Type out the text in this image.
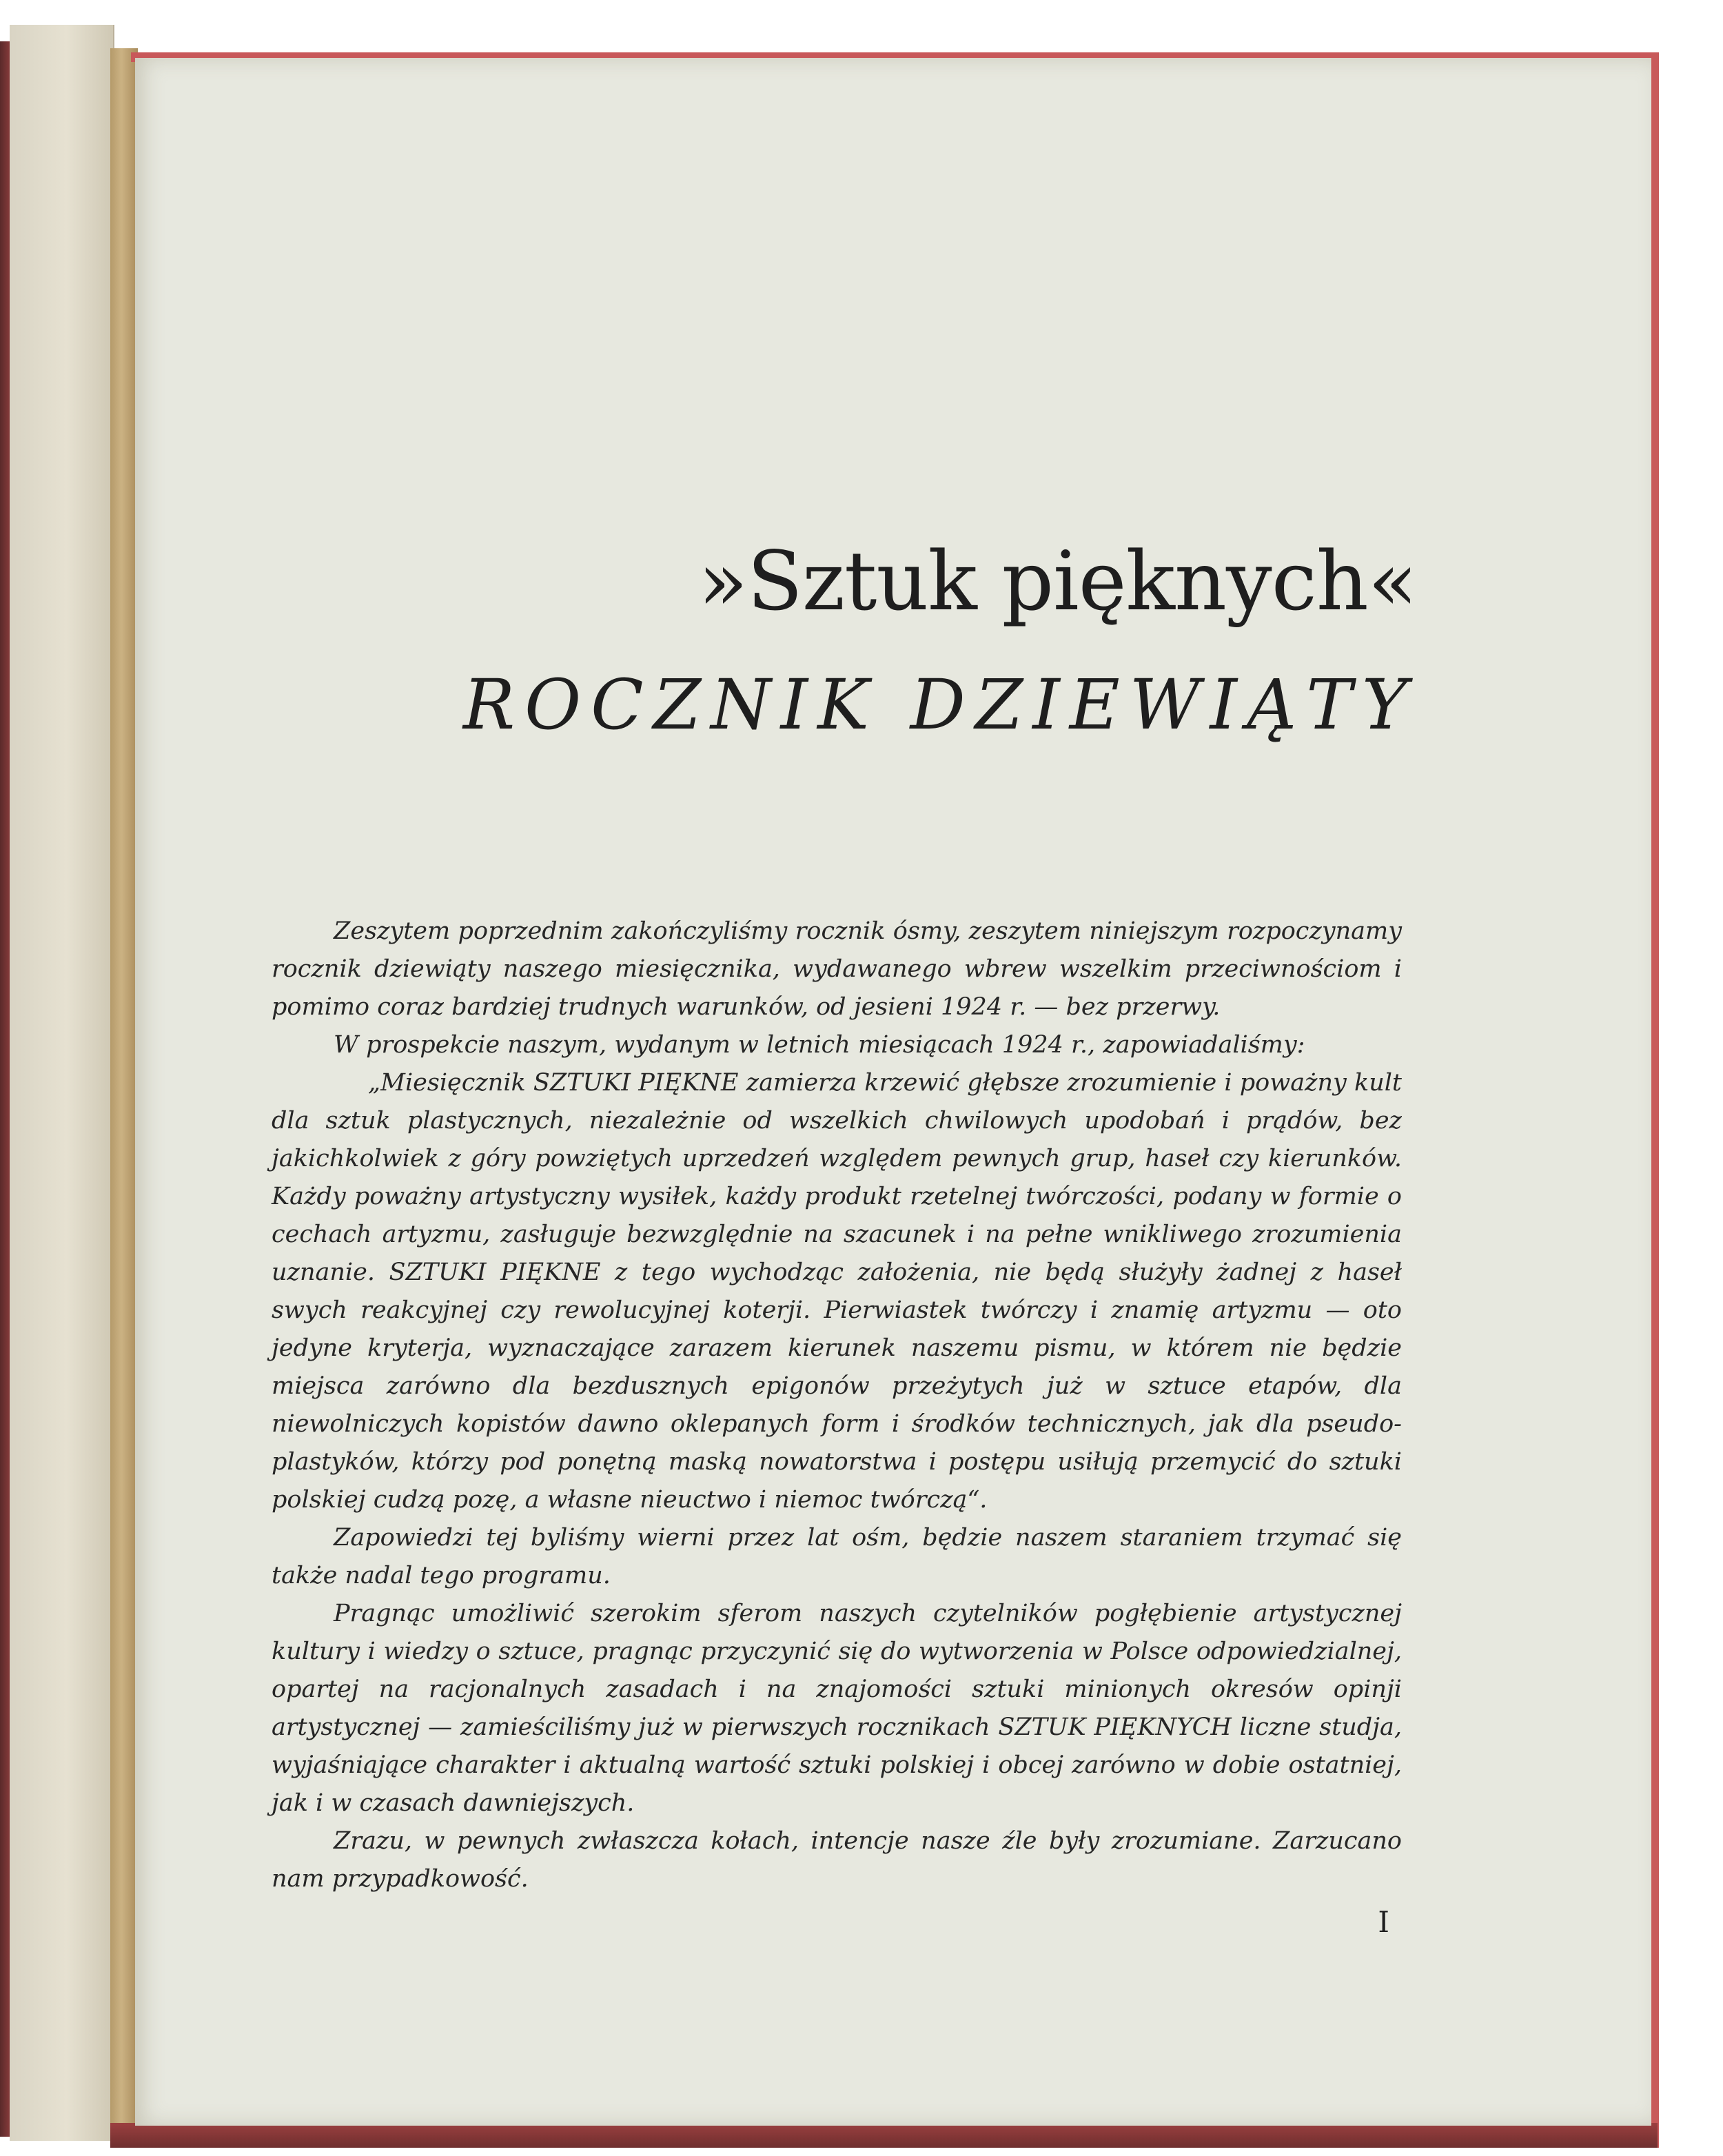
»Sztuk pięknych«
ROCZNIK DZIEWIĄTY

Zeszytem poprzednim zakończyliśmy rocznik ósmy, zeszytem niniejszym rozpoczynamy rocznik dziewiąty naszego miesięcznika, wydawanego wbrew wszelkim przeciwnościom i pomimo coraz bardziej trudnych warunków, od jesieni 1924 r. — bez przerwy.

W prospekcie naszym, wydanym w letnich miesiącach 1924 r., zapowiadaliśmy:

„Miesięcznik SZTUKI PIĘKNE zamierza krzewić głębsze zrozumienie i poważny kult dla sztuk plastycznych, niezależnie od wszelkich chwilowych upodobań i prądów, bez jakichkolwiek z góry powziętych uprzedzeń względem pewnych grup, haseł czy kierunków. Każdy poważny artystyczny wysiłek, każdy produkt rzetelnej twórczości, podany w formie o cechach artyzmu, zasługuje bezwzględnie na szacunek i na pełne wnikliwego zrozumienia uznanie. SZTUKI PIĘKNE z tego wychodząc założenia, nie będą służyły żadnej z haseł swych reakcyjnej czy rewolucyjnej koterji. Pierwiastek twórczy i znamię artyzmu — oto jedyne kryterja, wyznaczające zarazem kierunek naszemu pismu, w którem nie będzie miejsca zarówno dla bezdusznych epigonów przeżytych już w sztuce etapów, dla niewolniczych kopistów dawno oklepanych form i środków technicznych, jak dla pseudo-plastyków, którzy pod ponętną maską nowatorstwa i postępu usiłują przemycić do sztuki polskiej cudzą pozę, a własne nieuctwo i niemoc twórczą“.

Zapowiedzi tej byliśmy wierni przez lat ośm, będzie naszem staraniem trzymać się także nadal tego programu.

Pragnąc umożliwić szerokim sferom naszych czytelników pogłębienie artystycznej kultury i wiedzy o sztuce, pragnąc przyczynić się do wytworzenia w Polsce odpowiedzialnej, opartej na racjonalnych zasadach i na znajomości sztuki minionych okresów opinji artystycznej — zamieściliśmy już w pierwszych rocznikach SZTUK PIĘKNYCH liczne studja, wyjaśniające charakter i aktualną wartość sztuki polskiej i obcej zarówno w dobie ostatniej, jak i w czasach dawniejszych.

Zrazu, w pewnych zwłaszcza kołach, intencje nasze źle były zrozumiane. Zarzucano nam przypadkowość.

I
